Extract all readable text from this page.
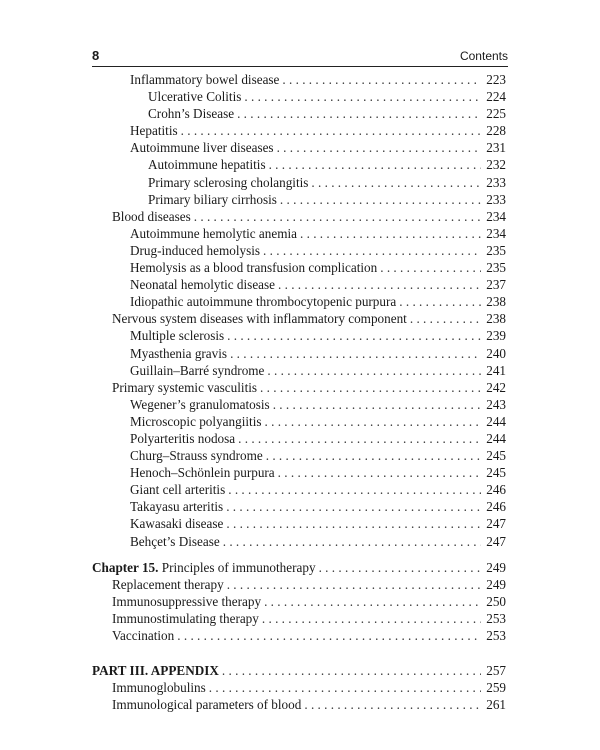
8	Contents
Inflammatory bowel disease . . .	223
Ulcerative Colitis . . .	224
Crohn’s Disease . . .	225
Hepatitis . . .	228
Autoimmune liver diseases . . .	231
Autoimmune hepatitis . . .	232
Primary sclerosing cholangitis . . .	233
Primary biliary cirrhosis . . .	233
Blood diseases . . .	234
Autoimmune hemolytic anemia . . .	234
Drug-induced hemolysis . . .	235
Hemolysis as a blood transfusion complication . . .	235
Neonatal hemolytic disease . . .	237
Idiopathic autoimmune thrombocytopenic purpura . . .	238
Nervous system diseases with inflammatory component . . .	238
Multiple sclerosis . . .	239
Myasthenia gravis . . .	240
Guillain–Barré syndrome . . .	241
Primary systemic vasculitis . . .	242
Wegener’s granulomatosis . . .	243
Microscopic polyangiitis . . .	244
Polyarteritis nodosa . . .	244
Churg–Strauss syndrome . . .	245
Henoch–Schönlein purpura . . .	245
Giant cell arteritis . . .	246
Takayasu arteritis . . .	246
Kawasaki disease . . .	247
Behçet’s Disease . . .	247
Chapter 15. Principles of immunotherapy . . .	249
Replacement therapy . . .	249
Immunosuppressive therapy . . .	250
Immunostimulating therapy . . .	253
Vaccination . . .	253
PART III. APPENDIX . . .	257
Immunoglobulins . . .	259
Immunological parameters of blood . . .	261
